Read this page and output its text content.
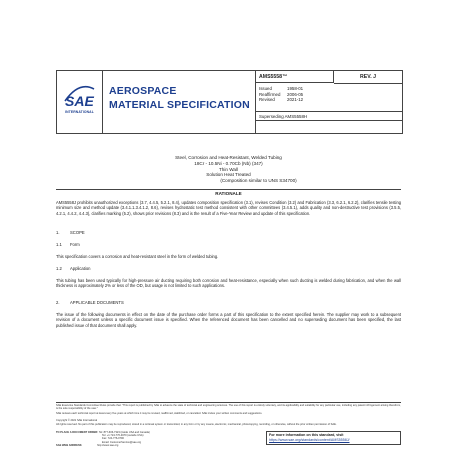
SAE
INTERNATIONAL
AEROSPACE
MATERIAL SPECIFICATION
AMS5558™	REV. J
Issued	1958-01
Reaffirmed	2006-05
Revised	2021-12
Superseding AMS5558H
Steel, Corrosion and Heat-Resistant, Welded Tubing
18Cr - 10.5Ni - 0.70Cb (Nb) (347)
Thin Wall
Solution Heat Treated
(Composition similar to UNS S34700)
RATIONALE
AMS5558J prohibits unauthorized exceptions (3.7, 4.4.5, 5.2.1, 8.4), updates composition specification (3.1), revises Condition (3.2) and Fabrication (3.3, 6.2.1, 6.2.2), clarifies tensile testing minimum size and method update (3.4.1.1.3.4.1.2, 8.6), revises hydrostatic test method consistent with other committees (3.4.5.1), adds quality and non-destructive test provisions (3.5.5, 4.2.1, 4.4.2, 4.4.3), clarifies marking (5.2), shows prior revisions (8.3) and is the result of a Five-Year Review and update of this specification.
1.	SCOPE
1.1 Form
This specification covers a corrosion and heat-resistant steel in the form of welded tubing.
1.2 Application
This tubing has been used typically for high-pressure air ducting requiring both corrosion and heat-resistance, especially when such ducting is welded during fabrication, and when the wall thickness is approximately 2% or less of the OD, but usage is not limited to such applications.
2.	APPLICABLE DOCUMENTS
The issue of the following documents in effect on the date of the purchase order forms a part of this specification to the extent specified herein. The supplier may work to a subsequent revision of a document unless a specific document issue is specified. When the referenced document has been cancelled and no superseding document has been specified, the last published issue of that document shall apply.
SAE Executive Standards Committee Rules provide that: "This report is published by SAE to advance the state of technical and engineering sciences. The use of this report is entirely voluntary, and its applicability and suitability for any particular use, including any patent infringement arising therefrom, is the sole responsibility of the user."
SAE reviews each technical report at least every five years at which time it may be revised, reaffirmed, stabilized, or cancelled. SAE invites your written comments and suggestions.
Copyright © 2021 SAE International
All rights reserved. No part of this publication may be reproduced, stored in a retrieval system or transmitted, in any form or by any means, electronic, mechanical, photocopying, recording, or otherwise, without the prior written permission of SAE.
TO PLACE A DOCUMENT ORDER: Tel: 877-606-7323 (inside USA and Canada)
Tel: +1 724-776-4970 (outside USA)
Fax: 724-776-0790
Email: CustomerService@sae.org
SAE WEB ADDRESS:	http://www.sae.org
For more information on this standard, visit
https://www.sae.org/standards/content/AMS5558J/
